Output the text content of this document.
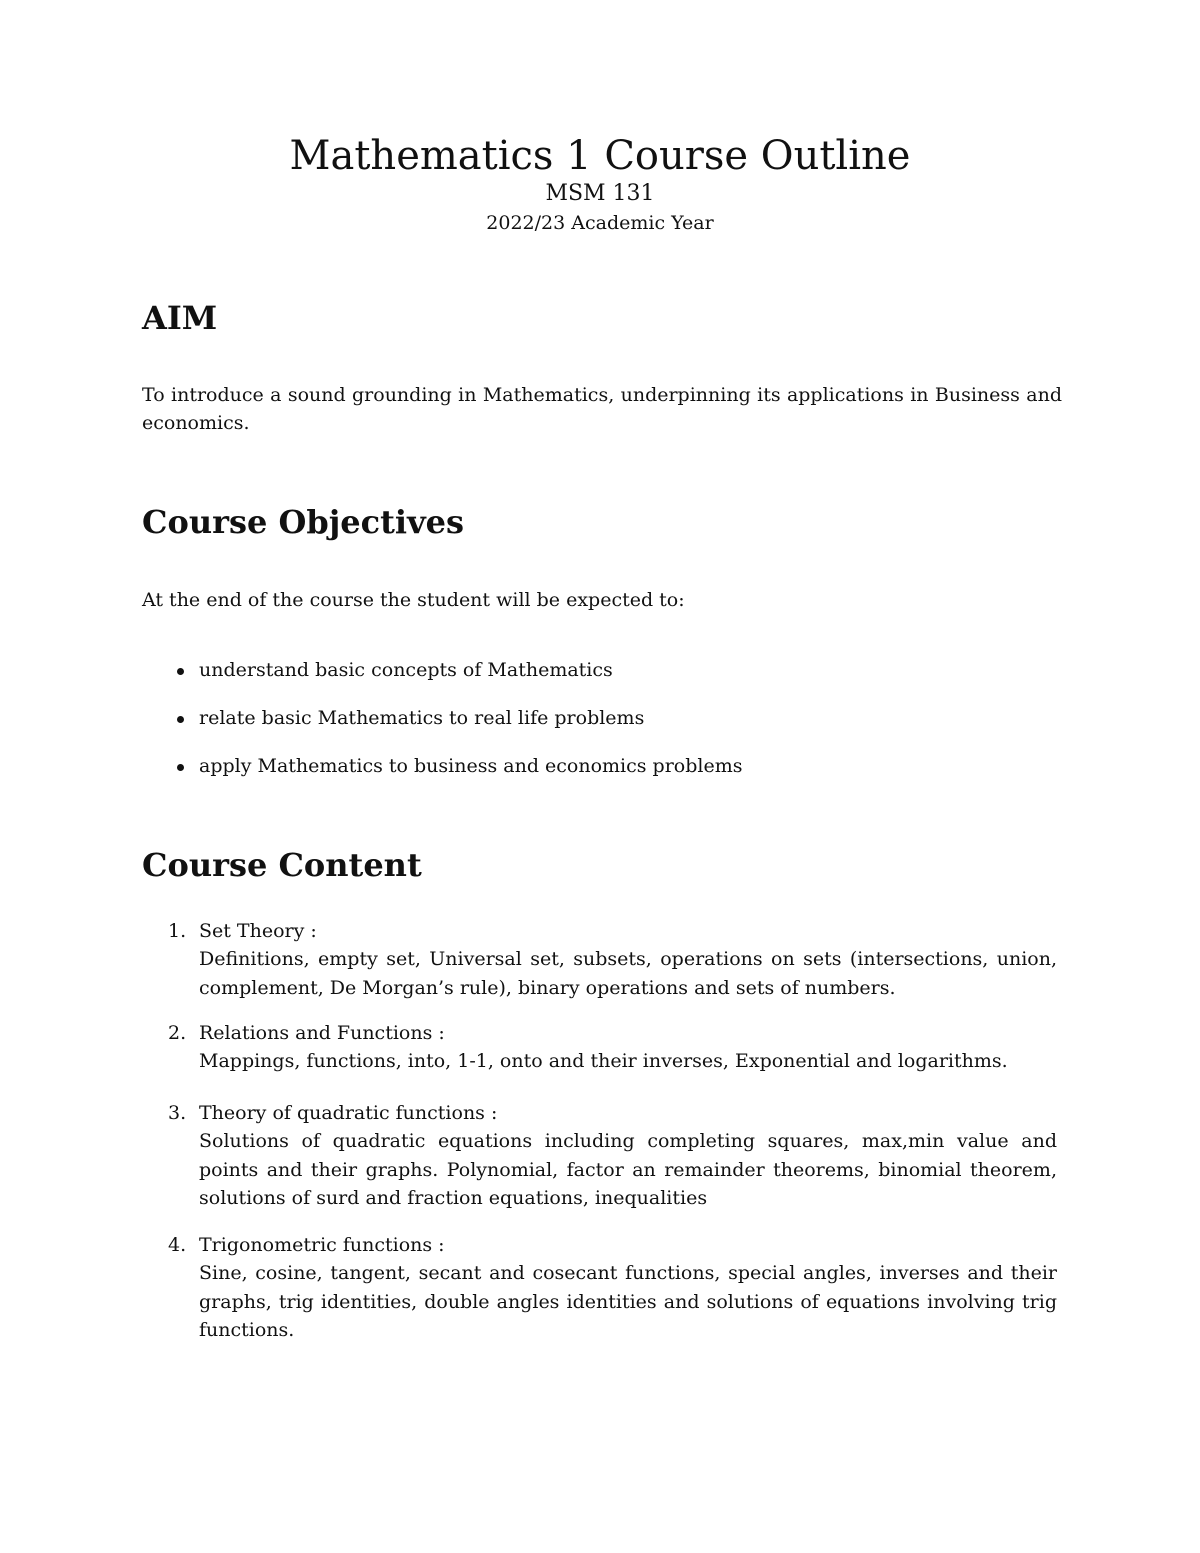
Mathematics 1 Course Outline

MSM 131

2022/23 Academic Year

AIM

To introduce a sound grounding in Mathematics, underpinning its applications in Business and economics.

Course Objectives

At the end of the course the student will be expected to:

understand basic concepts of Mathematics
relate basic Mathematics to real life problems
apply Mathematics to business and economics problems
Course Content
1. Set Theory :
Definitions, empty set, Universal set, subsets, operations on sets (intersections, union, complement, De Morgan’s rule), binary operations and sets of numbers.
2. Relations and Functions :
Mappings, functions, into, 1-1, onto and their inverses, Exponential and logarithms.
3. Theory of quadratic functions :
Solutions of quadratic equations including completing squares, max,min value and points and their graphs. Polynomial, factor an remainder theorems, binomial theorem, solutions of surd and fraction equations, inequalities
4. Trigonometric functions :
Sine, cosine, tangent, secant and cosecant functions, special angles, inverses and their graphs, trig identities, double angles identities and solutions of equations involving trig functions.
